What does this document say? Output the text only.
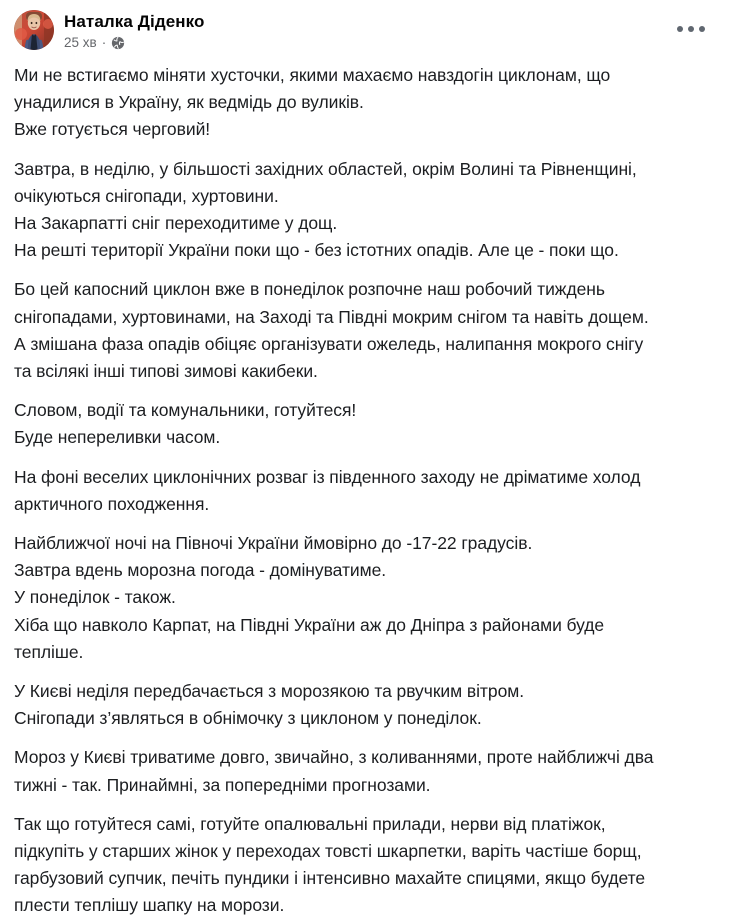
Наталка Діденко
25 хв ·
Ми не встигаємо міняти хусточки, якими махаємо навздогін циклонам, що
унадилися в Україну, як ведмідь до вуликів.
Вже готується черговий!
Завтра, в неділю, у більшості західних областей, окрім Волині та Рівненщині,
очікуються снігопади, хуртовини.
На Закарпатті сніг переходитиме у дощ.
На решті території України поки що - без істотних опадів. Але це - поки що.
Бо цей капосний циклон вже в понеділок розпочне наш робочий тиждень
снігопадами, хуртовинами, на Заході та Півдні мокрим снігом та навіть дощем.
А змішана фаза опадів обіцяє організувати ожеледь, налипання мокрого снігу
та всілякі інші типові зимові какибеки.
Словом, водії та комунальники, готуйтеся!
Буде непереливки часом.
На фоні веселих циклонічних розваг із південного заходу не дріматиме холод
арктичного походження.
Найближчої ночі на Півночі України ймовірно до -17-22 градусів.
Завтра вдень морозна погода - домінуватиме.
У понеділок - також.
Хіба що навколо Карпат, на Півдні України аж до Дніпра з районами буде
тепліше.
У Києві неділя передбачається з морозякою та рвучким вітром.
Снігопади з’являться в обнімочку з циклоном у понеділок.
Мороз у Києві триватиме довго, звичайно, з коливаннями, проте найближчі два
тижні - так. Принаймні, за попередніми прогнозами.
Так що готуйтеся самі, готуйте опалювальні прилади, нерви від платіжок,
підкупіть у старших жінок у переходах товсті шкарпетки, варіть частіше борщ,
гарбузовий супчик, печіть пундики і інтенсивно махайте спицями, якщо будете
плести теплішу шапку на морози.
